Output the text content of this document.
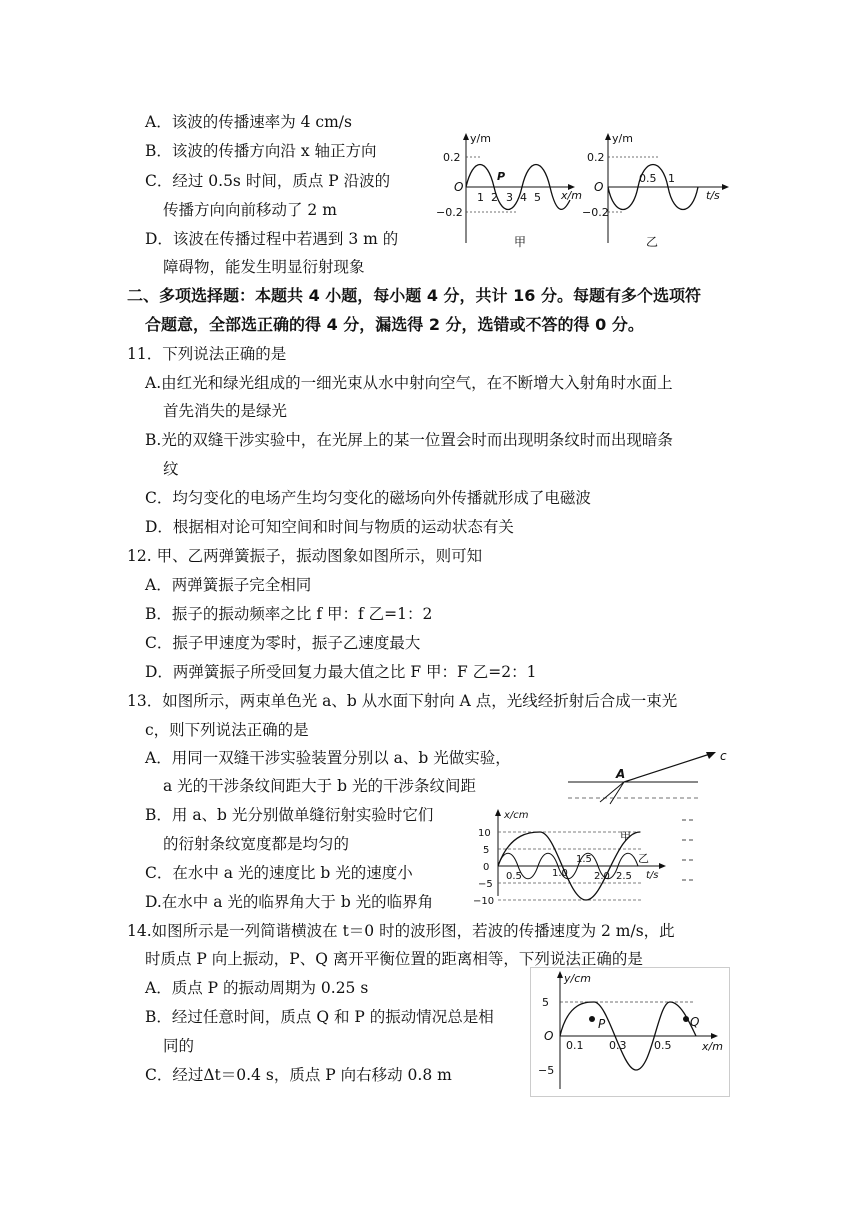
A．该波的传播速率为 4 cm/s
B．该波的传播方向沿 x 轴正方向
C．经过 0.5s 时间，质点 P 沿波的
传播方向向前移动了 2 m
D．该波在传播过程中若遇到 3 m 的
障碍物，能发生明显衍射现象
二、多项选择题：本题共 4 小题，每小题 4 分，共计 16 分。每题有多个选项符
合题意，全部选正确的得 4 分，漏选得 2 分，选错或不答的得 0 分。
11．下列说法正确的是
A.由红光和绿光组成的一细光束从水中射向空气，在不断增大入射角时水面上
首先消失的是绿光
B.光的双缝干涉实验中，在光屏上的某一位置会时而出现明条纹时而出现暗条
纹
C．均匀变化的电场产生均匀变化的磁场向外传播就形成了电磁波
D．根据相对论可知空间和时间与物质的运动状态有关
12. 甲、乙两弹簧振子，振动图象如图所示，则可知
A．两弹簧振子完全相同
B．振子的振动频率之比 f 甲：f 乙=1：2
C．振子甲速度为零时，振子乙速度最大
D．两弹簧振子所受回复力最大值之比 F 甲：F 乙=2：1
13．如图所示，两束单色光 a、b 从水面下射向 A 点，光线经折射后合成一束光
c，则下列说法正确的是
A．用同一双缝干涉实验装置分别以 a、b 光做实验，
a 光的干涉条纹间距大于 b 光的干涉条纹间距
B．用 a、b 光分别做单缝衍射实验时它们
的衍射条纹宽度都是均匀的
C．在水中 a 光的速度比 b 光的速度小
D.在水中 a 光的临界角大于 b 光的临界角
14.如图所示是一列简谐横波在 t＝0 时的波形图，若波的传播速度为 2 m/s，此
时质点 P 向上振动，P、Q 离开平衡位置的距离相等，下列说法正确的是
A．质点 P 的振动周期为 0.25 s
B．经过任意时间，质点 Q 和 P 的振动情况总是相
同的
C．经过Δt＝0.4 s，质点 P 向右移动 0.8 m
y/m
x/m
O
0.2
−0.2
1 2 3 4 5
P
甲
y/m
t/s
O
0.2
−0.2
0.5 1
乙
A
c
x/cm
t/s
10
5
0
−5
−10
0.5	1.0
1.5
2.0 2.5
甲
乙
y/cm
x/m
O
5
−5
0.1 0.3	0.5
P	Q
